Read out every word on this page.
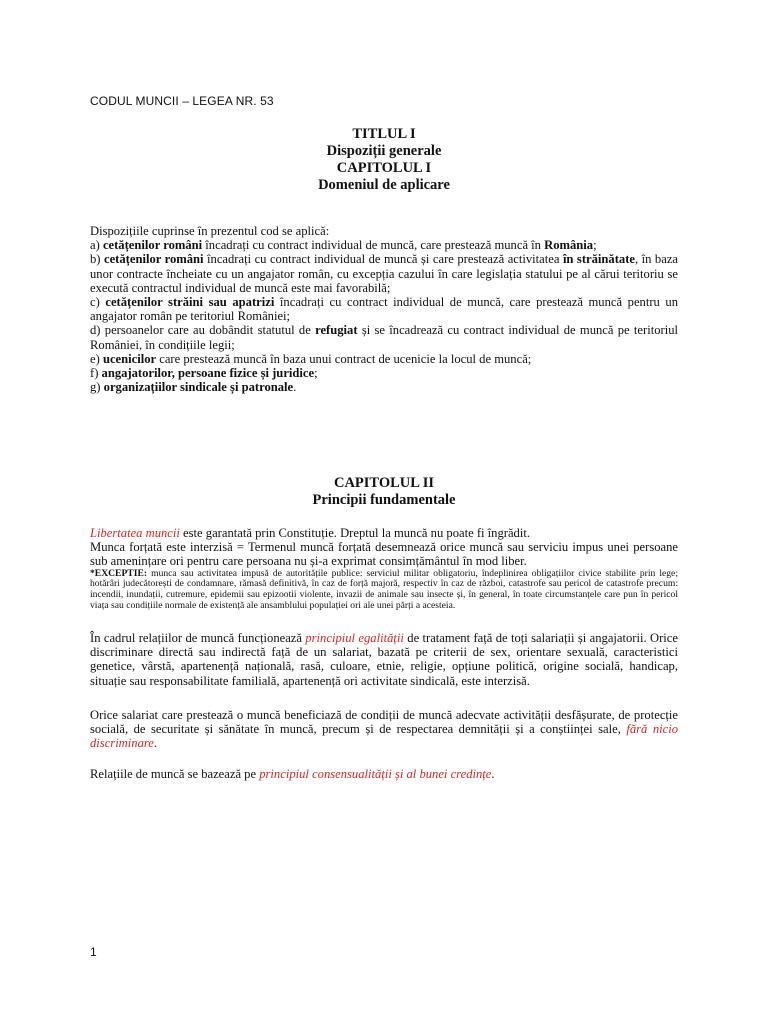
CODUL MUNCII – LEGEA NR. 53
TITLUL I
Dispoziții generale
CAPITOLUL I
Domeniul de aplicare

Dispozițiile cuprinse în prezentul cod se aplică:

a) cetățenilor români încadrați cu contract individual de muncă, care prestează muncă în România;

b) cetățenilor români încadrați cu contract individual de muncă și care prestează activitatea în străinătate, în baza unor contracte încheiate cu un angajator român, cu excepția cazului în care legislația statului pe al cărui teritoriu se execută contractul individual de muncă este mai favorabilă;

c) cetățenilor străini sau apatrizi încadrați cu contract individual de muncă, care prestează muncă pentru un angajator român pe teritoriul României;

d) persoanelor care au dobândit statutul de refugiat și se încadrează cu contract individual de muncă pe teritoriul României, în condițiile legii;

e) ucenicilor care prestează muncă în baza unui contract de ucenicie la locul de muncă;

f) angajatorilor, persoane fizice și juridice;

g) organizațiilor sindicale și patronale.

CAPITOLUL II
Principii fundamentale

Libertatea muncii este garantată prin Constituție. Dreptul la muncă nu poate fi îngrădit.

Munca forțată este interzisă = Termenul muncă forțată desemnează orice muncă sau serviciu impus unei persoane sub amenințare ori pentru care persoana nu și-a exprimat consimțământul în mod liber.

*EXCEPTIE: munca sau activitatea impusă de autoritățile publice: serviciul militar obligatoriu, îndeplinirea obligațiilor civice stabilite prin lege; hotărâri judecătorești de condamnare, rămasă definitivă, în caz de forță majoră, respectiv în caz de război, catastrofe sau pericol de catastrofe precum: incendii, inundații, cutremure, epidemii sau epizootii violente, invazii de animale sau insecte și, în general, în toate circumstanțele care pun în pericol viața sau condițiile normale de existență ale ansamblului populației ori ale unei părți a acesteia.

În cadrul relațiilor de muncă funcționează principiul egalității de tratament față de toți salariații și angajatorii. Orice discriminare directă sau indirectă față de un salariat, bazată pe criterii de sex, orientare sexuală, caracteristici genetice, vârstă, apartenență națională, rasă, culoare, etnie, religie, opțiune politică, origine socială, handicap, situație sau responsabilitate familială, apartenență ori activitate sindicală, este interzisă.

Orice salariat care prestează o muncă beneficiază de condiții de muncă adecvate activității desfășurate, de protecție socială, de securitate și sănătate în muncă, precum și de respectarea demnității și a conștiinței sale, fără nicio discriminare.

Relațiile de muncă se bazează pe principiul consensualității și al bunei credințe.

1
